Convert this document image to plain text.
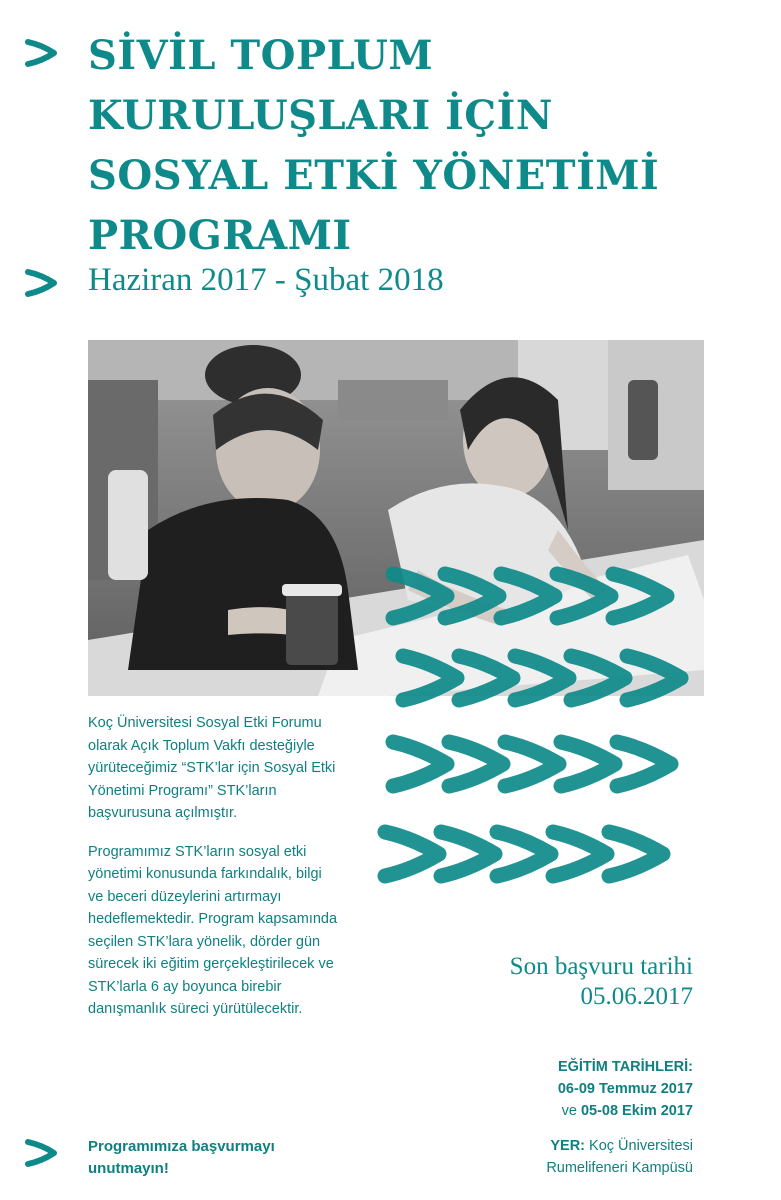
SİVİL TOPLUM
KURULUŞLARI İÇİN
SOSYAL ETKİ YÖNETİMİ
PROGRAMI
Haziran 2017 - Şubat 2018

Koç Üniversitesi Sosyal Etki Forumu olarak Açık Toplum Vakfı desteğiyle yürüteceğimiz “STK’lar için Sosyal Etki Yönetimi Programı” STK’ların başvurusuna açılmıştır.

Programımız STK’ların sosyal etki yönetimi konusunda farkındalık, bilgi ve beceri düzeylerini artırmayı hedeflemektedir. Program kapsamında seçilen STK’lara yönelik, dörder gün sürecek iki eğitim gerçekleştirilecek ve STK’larla 6 ay boyunca birebir danışmanlık süreci yürütülecektir.

Programımıza başvurmayı unutmayın!
Son başvuru tarihi
05.06.2017
EĞİTİM TARİHLERİ:
06-09 Temmuz 2017
ve 05-08 Ekim 2017
YER: Koç Üniversitesi
Rumelifeneri Kampüsü
